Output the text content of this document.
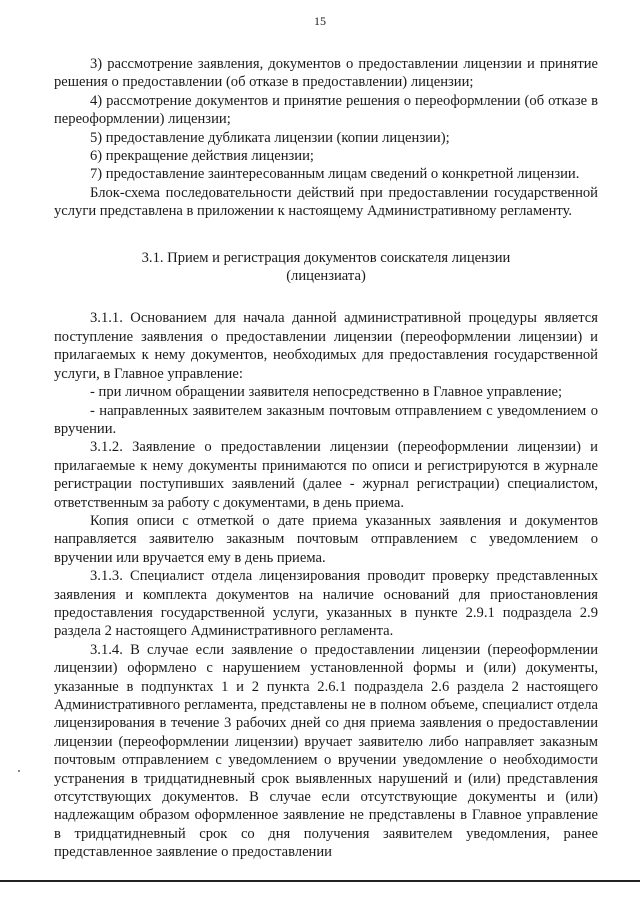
15

3) рассмотрение заявления, документов о предоставлении лицензии и принятие решения о предоставлении (об отказе в предоставлении) лицензии;

4) рассмотрение документов и принятие решения о переоформлении (об отказе в переоформлении) лицензии;

5) предоставление дубликата лицензии (копии лицензии);

6) прекращение действия лицензии;

7) предоставление заинтересованным лицам сведений о конкретной лицензии.

Блок-схема последовательности действий при предоставлении государственной услуги представлена в приложении к настоящему Административному регламенту.

3.1. Прием и регистрация документов соискателя лицензии (лицензиата)

3.1.1. Основанием для начала данной административной процедуры является поступление заявления о предоставлении лицензии (переоформлении лицензии) и прилагаемых к нему документов, необходимых для предоставления государственной услуги, в Главное управление:

- при личном обращении заявителя непосредственно в Главное управление;

- направленных заявителем заказным почтовым отправлением с уведомлением о вручении.

3.1.2. Заявление о предоставлении лицензии (переоформлении лицензии) и прилагаемые к нему документы принимаются по описи и регистрируются в журнале регистрации поступивших заявлений (далее - журнал регистрации) специалистом, ответственным за работу с документами, в день приема.

Копия описи с отметкой о дате приема указанных заявления и документов направляется заявителю заказным почтовым отправлением с уведомлением о вручении или вручается ему в день приема.

3.1.3. Специалист отдела лицензирования проводит проверку представленных заявления и комплекта документов на наличие оснований для приостановления предоставления государственной услуги, указанных в пункте 2.9.1 подраздела 2.9 раздела 2 настоящего Административного регламента.

3.1.4. В случае если заявление о предоставлении лицензии (переоформлении лицензии) оформлено с нарушением установленной формы и (или) документы, указанные в подпунктах 1 и 2 пункта 2.6.1 подраздела 2.6 раздела 2 настоящего Административного регламента, представлены не в полном объеме, специалист отдела лицензирования в течение 3 рабочих дней со дня приема заявления о предоставлении лицензии (переоформлении лицензии) вручает заявителю либо направляет заказным почтовым отправлением с уведомлением о вручении уведомление о необходимости устранения в тридцатидневный срок выявленных нарушений и (или) представления отсутствующих документов. В случае если отсутствующие документы и (или) надлежащим образом оформленное заявление не представлены в Главное управление в тридцатидневный срок со дня получения заявителем уведомления, ранее представленное заявление о предоставлении
